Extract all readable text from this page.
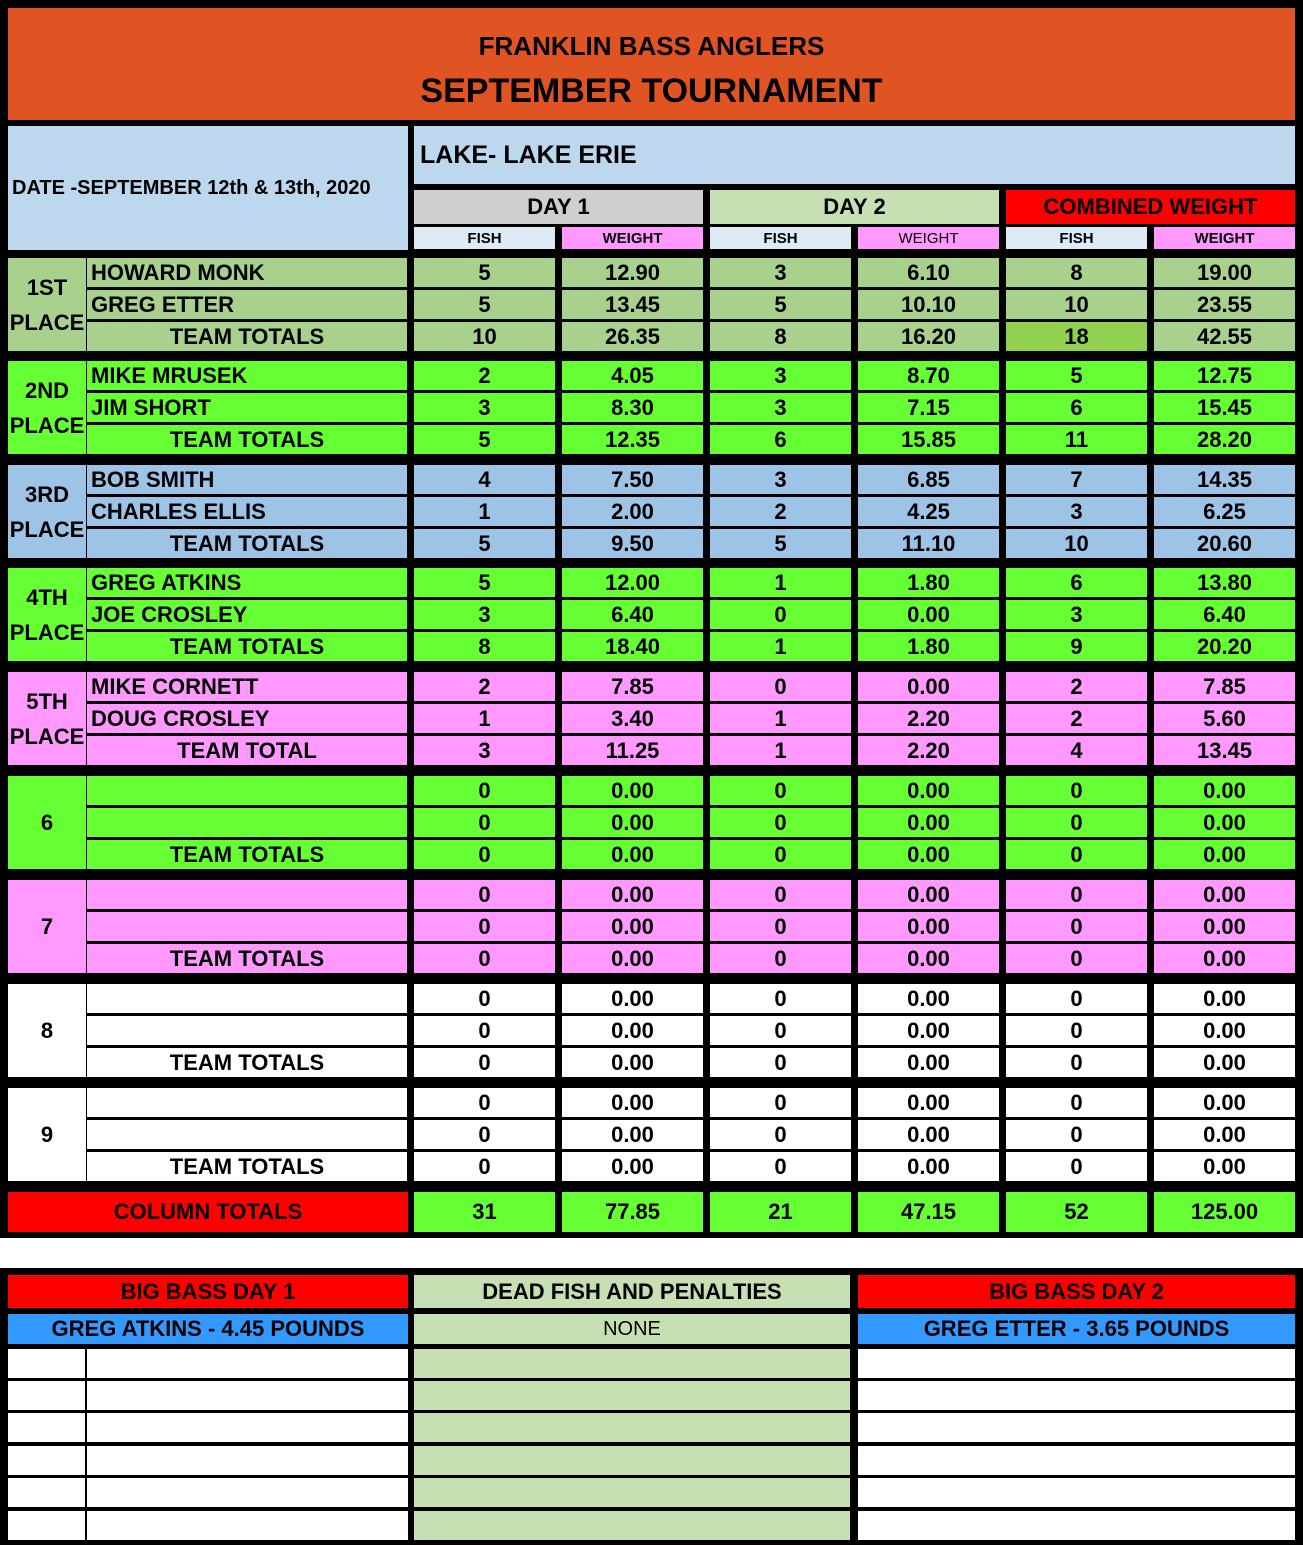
FRANKLIN BASS ANGLERS
SEPTEMBER TOURNAMENT
DATE -SEPTEMBER 12th & 13th, 2020
LAKE- LAKE ERIE
DAY 1	DAY 2	COMBINED WEIGHT
FISH	WEIGHT	FISH	WEIGHT	FISH	WEIGHT
1ST
PLACE
HOWARD MONK	5	12.90	3	6.10	8	19.00
GREG ETTER	5	13.45	5	10.10	10	23.55
TEAM TOTALS	10	26.35	8	16.20	18	42.55
2ND
PLACE
MIKE MRUSEK	2	4.05	3	8.70	5	12.75
JIM SHORT	3	8.30	3	7.15	6	15.45
TEAM TOTALS	5	12.35	6	15.85	11	28.20
3RD
PLACE
BOB SMITH	4	7.50	3	6.85	7	14.35
CHARLES ELLIS	1	2.00	2	4.25	3	6.25
TEAM TOTALS	5	9.50	5	11.10	10	20.60
4TH
PLACE
GREG ATKINS	5	12.00	1	1.80	6	13.80
JOE CROSLEY	3	6.40	0	0.00	3	6.40
TEAM TOTALS	8	18.40	1	1.80	9	20.20
5TH
PLACE
MIKE CORNETT	2	7.85	0	0.00	2	7.85
DOUG CROSLEY	1	3.40	1	2.20	2	5.60
TEAM TOTAL	3	11.25	1	2.20	4	13.45
6
0	0.00	0	0.00	0	0.00
0	0.00	0	0.00	0	0.00
TEAM TOTALS	0	0.00	0	0.00	0	0.00
7
0	0.00	0	0.00	0	0.00
0	0.00	0	0.00	0	0.00
TEAM TOTALS	0	0.00	0	0.00	0	0.00
8
0	0.00	0	0.00	0	0.00
0	0.00	0	0.00	0	0.00
TEAM TOTALS	0	0.00	0	0.00	0	0.00
9
0	0.00	0	0.00	0	0.00
0	0.00	0	0.00	0	0.00
TEAM TOTALS	0	0.00	0	0.00	0	0.00
COLUMN TOTALS	31	77.85	21	47.15	52	125.00
BIG BASS DAY 1
GREG ATKINS - 4.45 POUNDS
DEAD FISH AND PENALTIES
NONE
BIG BASS DAY 2
GREG ETTER - 3.65 POUNDS
